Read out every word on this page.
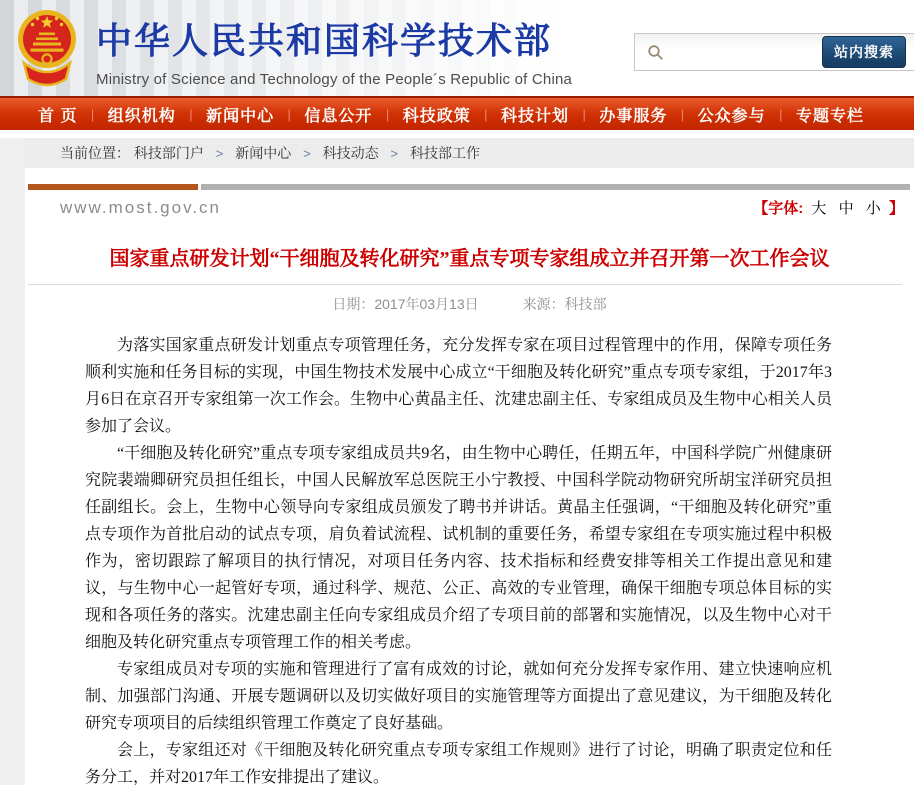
中华人民共和国科学技术部
Ministry of Science and Technology of the People´s Republic of China
站内搜索
首 页 | 组织机构 | 新闻中心 | 信息公开 | 科技政策 | 科技计划 | 办事服务 | 公众参与 | 专题专栏
当前位置： 科技部门户 > 新闻中心 > 科技动态 > 科技部工作
www.most.gov.cn	【字体: 大 中 小 】
国家重点研发计划“干细胞及转化研究”重点专项专家组成立并召开第一次工作会议
日期：2017年03月13日	来源：科技部

为落实国家重点研发计划重点专项管理任务，充分发挥专家在项目过程管理中的作用，保障专项任务顺利实施和任务目标的实现，中国生物技术发展中心成立“干细胞及转化研究”重点专项专家组，于2017年3月6日在京召开专家组第一次工作会。生物中心黄晶主任、沈建忠副主任、专家组成员及生物中心相关人员参加了会议。

“干细胞及转化研究”重点专项专家组成员共9名，由生物中心聘任，任期五年，中国科学院广州健康研究院裴端卿研究员担任组长，中国人民解放军总医院王小宁教授、中国科学院动物研究所胡宝洋研究员担任副组长。会上，生物中心领导向专家组成员颁发了聘书并讲话。黄晶主任强调，“干细胞及转化研究”重点专项作为首批启动的试点专项，肩负着试流程、试机制的重要任务，希望专家组在专项实施过程中积极作为，密切跟踪了解项目的执行情况，对项目任务内容、技术指标和经费安排等相关工作提出意见和建议，与生物中心一起管好专项，通过科学、规范、公正、高效的专业管理，确保干细胞专项总体目标的实现和各项任务的落实。沈建忠副主任向专家组成员介绍了专项目前的部署和实施情况，以及生物中心对干细胞及转化研究重点专项管理工作的相关考虑。

专家组成员对专项的实施和管理进行了富有成效的讨论，就如何充分发挥专家作用、建立快速响应机制、加强部门沟通、开展专题调研以及切实做好项目的实施管理等方面提出了意见建议，为干细胞及转化研究专项项目的后续组织管理工作奠定了良好基础。

会上，专家组还对《干细胞及转化研究重点专项专家组工作规则》进行了讨论，明确了职责定位和任务分工，并对2017年工作安排提出了建议。
